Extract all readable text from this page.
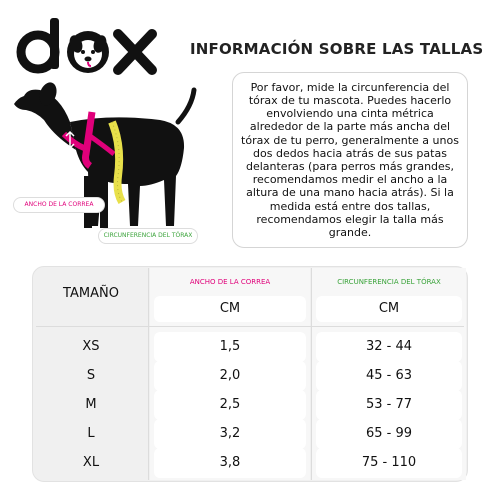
dox
INFORMACIÓN SOBRE LAS TALLAS
ANCHO DE LA CORREA
CIRCUNFERENCIA DEL TÓRAX
Por favor, mide la circunferencia del tórax de tu mascota. Puedes hacerlo envolviendo una cinta métrica alrededor de la parte más ancha del tórax de tu perro, generalmente a unos dos dedos hacia atrás de sus patas delanteras (para perros más grandes, recomendamos medir el ancho a la altura de una mano hacia atrás). Si la medida está entre dos tallas, recomendamos elegir la talla más grande.
TAMAÑO
ANCHO DE LA CORREA	CIRCUNFERENCIA DEL TÓRAX
CM	CM
XS	1,5	32 - 44
S	2,0	45 - 63
M	2,5	53 - 77
L	3,2	65 - 99
XL	3,8	75 - 110
